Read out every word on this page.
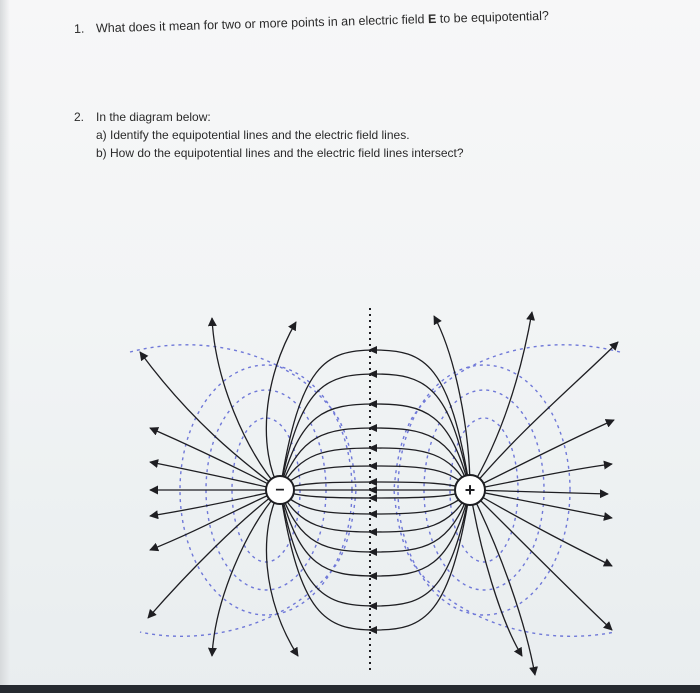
1. What does it mean for two or more points in an electric field E to be equipotential?

2. In the diagram below:

a) Identify the equipotential lines and the electric field lines.

b) How do the equipotential lines and the electric field lines intersect?

−	+
